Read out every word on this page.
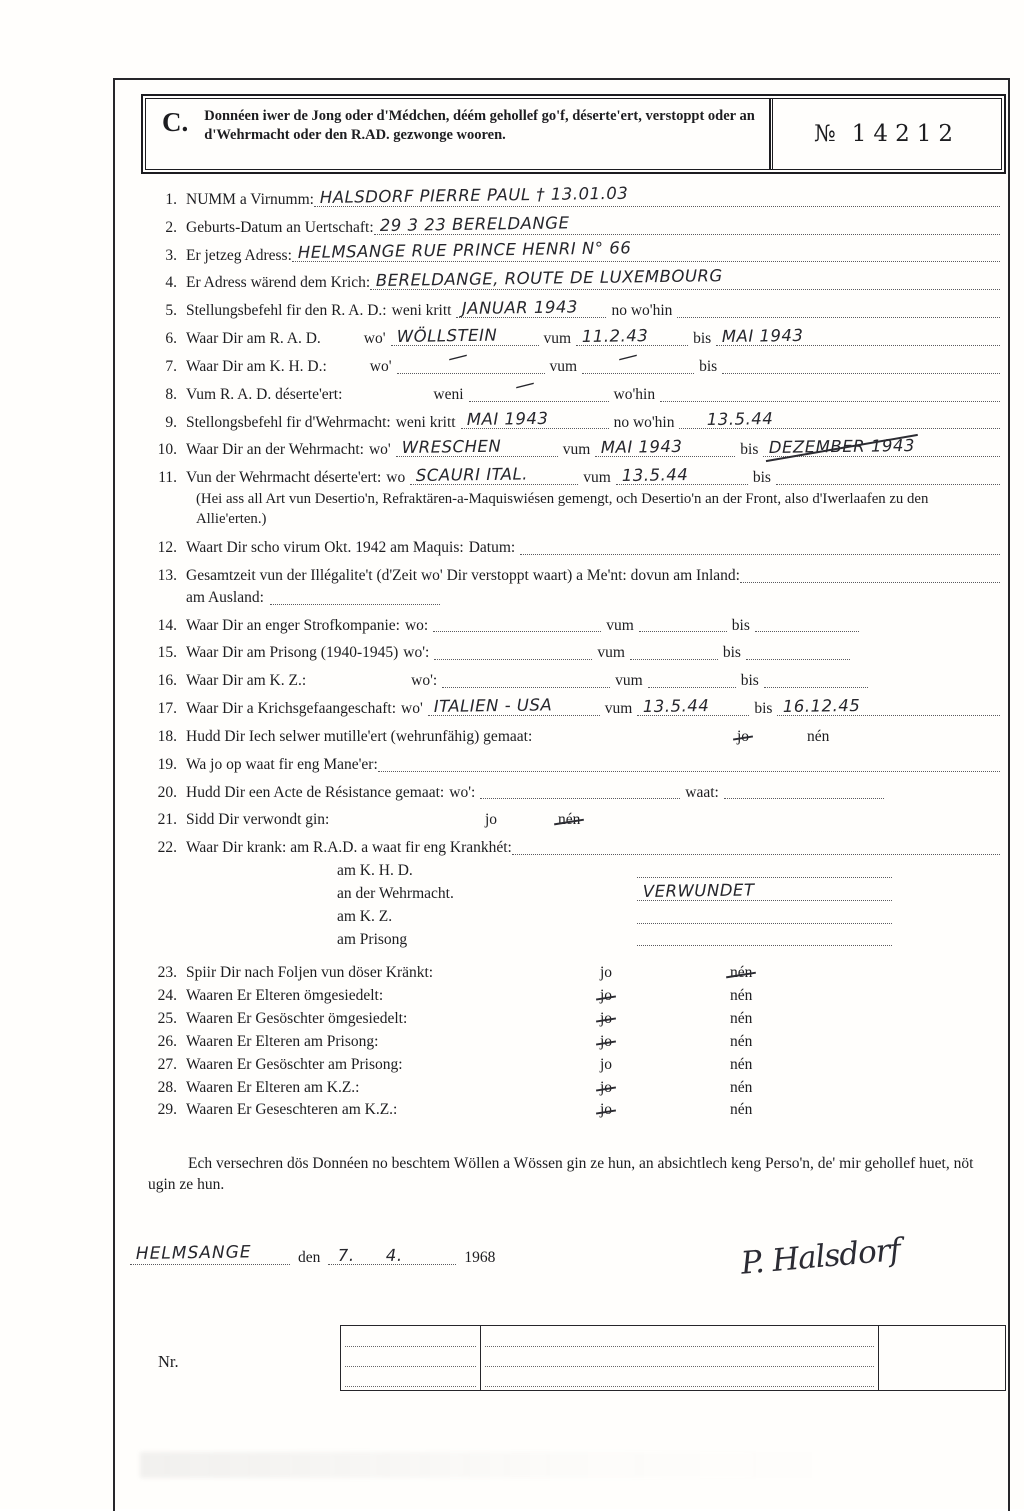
C. Donnéen iwer de Jong oder d'Médchen, déém gehollef go'f, déserte'ert, verstoppt oder an d'Wehrmacht oder den R.AD. gezwonge wooren.	№ 14212
1. NUMM a Virnumm: HALSDORF PIERRE PAUL † 13.01.03
2. Geburts-Datum an Uertschaft: 29 3 23 BERELDANGE
3. Er jetzeg Adress: HELMSANGE RUE PRINCE HENRI N° 66
4. Er Adress wärend dem Krich: BERELDANGE, ROUTE DE LUXEMBOURG
5. Stellungsbefehl fir den R. A. D.: weni kritt JANUAR 1943	no wo'hin
6. Waar Dir am R. A. D.	wo' WÖLLSTEIN	vum 11.2.43	bis MAI 1943
7. Waar Dir am K. H. D.:	wo'	—	vum —	bis
8. Vum R. A. D. déserte'ert:	weni —	wo'hin
9. Stellongsbefehl fir d'Wehrmacht: weni kritt MAI 1943	no wo'hin	13.5.44
10. Waar Dir an der Wehrmacht: wo' WRESCHEN	vum MAI 1943	bis DEZEMBER 1943
11. Vun der Wehrmacht déserte'ert: wo SCAURI ITAL.	vum 13.5.44	bis
(Hei ass all Art vun Desertio'n, Refraktären-a-Maquiswiésen gemengt, och Desertio'n an der Front, also d'Iwerlaafen zu den Allie'erten.)
12. Waart Dir scho virum Okt. 1942 am Maquis: Datum:
13. Gesamtzeit vun der Illégalite't (d'Zeit wo' Dir verstoppt waart) a Me'nt: dovun am Inland:
am Ausland:
14. Waar Dir an enger Strofkompanie: wo:	vum	bis
15. Waar Dir am Prisong (1940-1945) wo':	vum	bis
16. Waar Dir am K. Z.:	wo':	vum	bis
17. Waar Dir a Krichsgefaangeschaft: wo' ITALIEN - USA	vum 13.5.44	bis 16.12.45
18. Hudd Dir Iech selwer mutille'ert (wehrunfähig) gemaat:	jo	nén
19. Wa jo op waat fir eng Mane'er:
20. Hudd Dir een Acte de Résistance gemaat: wo':	waat:
21. Sidd Dir verwondt gin:	jo	nén
22. Waar Dir krank: am R.A.D. a waat fir eng Krankhét:
am K. H. D.
an der Wehrmacht.	VERWUNDET
am K. Z.
am Prisong
23. Spiir Dir nach Foljen vun döser Kränkt:	jo	nén
24. Waaren Er Elteren ömgesiedelt:	jo	nén
25. Waaren Er Gesöschter ömgesiedelt:	jo	nén
26. Waaren Er Elteren am Prisong:	jo	nén
27. Waaren Er Gesöschter am Prisong:	jo	nén
28. Waaren Er Elteren am K.Z.:	jo	nén
29. Waaren Er Geseschteren am K.Z.:	jo	nén
Ech versechren dös Donnéen no beschtem Wöllen a Wössen gin ze hun, an absichtlech keng Perso'n, de' mir gehollef huet, nöt ugin ze hun.
HELMSANGE	den	7. 4.	1968	P. Halsdorf
Nr.
